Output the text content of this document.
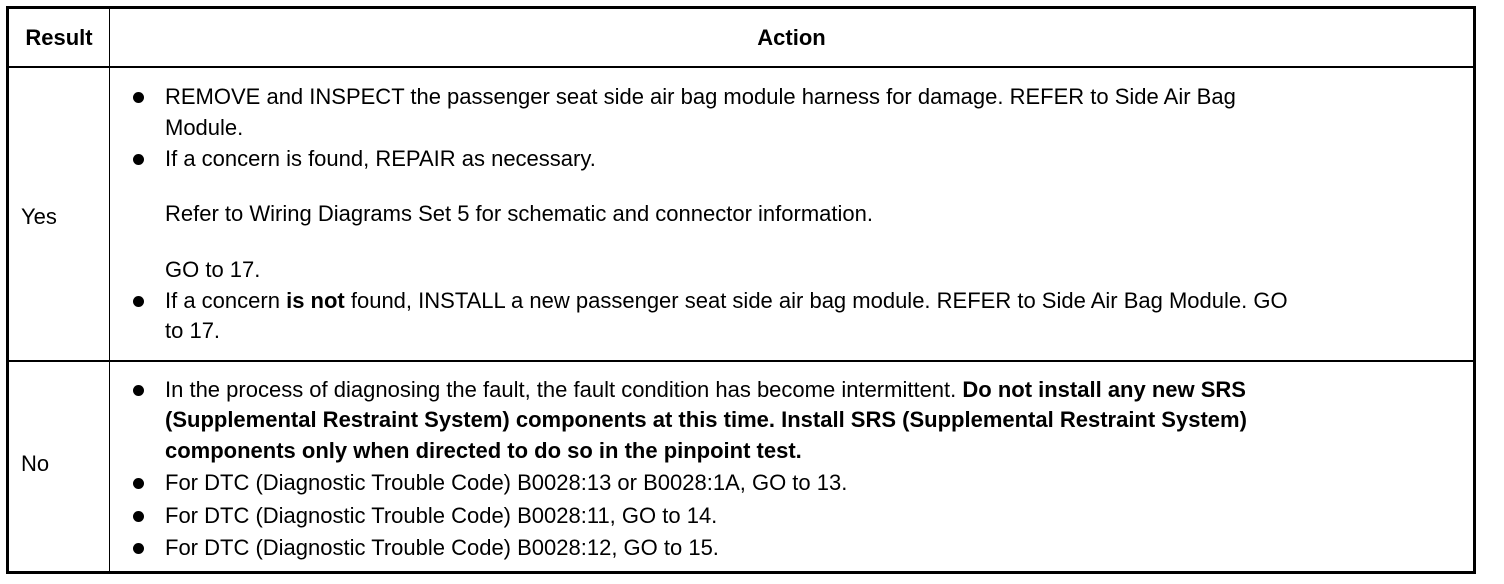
Result	Action
Yes
REMOVE and INSPECT the passenger seat side air bag module harness for damage. REFER to Side Air Bag
Module.
If a concern is found, REPAIR as necessary.
Refer to Wiring Diagrams Set 5 for schematic and connector information.
GO to 17.
If a concern is not found, INSTALL a new passenger seat side air bag module. REFER to Side Air Bag Module. GO
to 17.
No
In the process of diagnosing the fault, the fault condition has become intermittent. Do not install any new SRS
(Supplemental Restraint System) components at this time. Install SRS (Supplemental Restraint System)
components only when directed to do so in the pinpoint test.
For DTC (Diagnostic Trouble Code) B0028:13 or B0028:1A, GO to 13.
For DTC (Diagnostic Trouble Code) B0028:11, GO to 14.
For DTC (Diagnostic Trouble Code) B0028:12, GO to 15.
